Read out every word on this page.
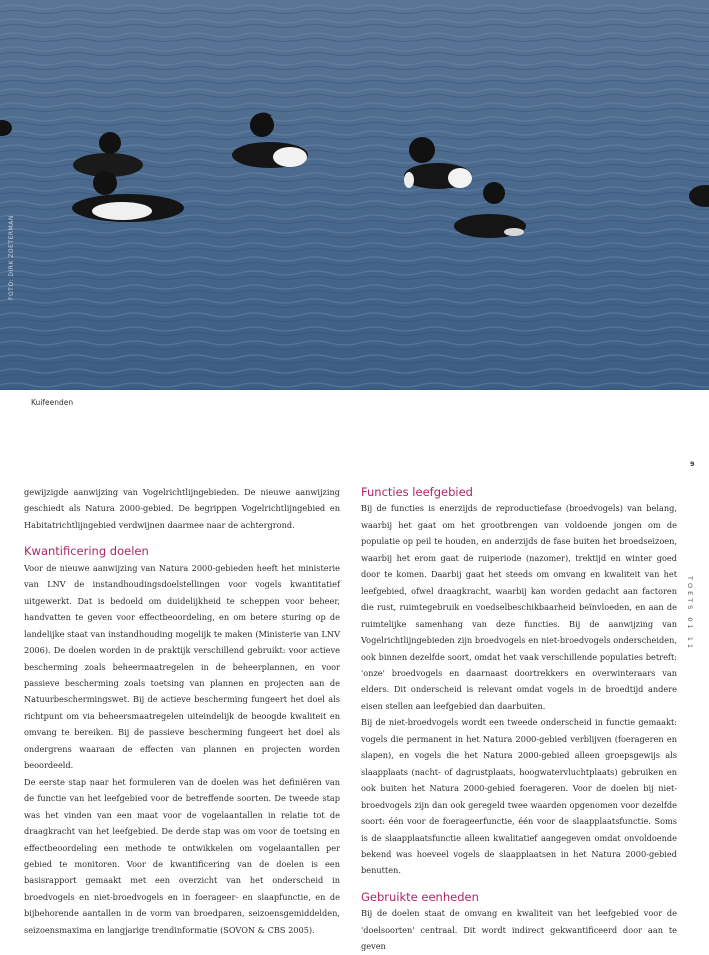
FOTO: DIRK ZOETERMAN
Kuifeenden
9
TOETS 01 11

gewijzigde aanwijzing van Vogelrichtlijngebieden. De nieuwe aanwijzing geschiedt als Natura 2000-gebied. De begrippen Vogelrichtlijngebied en Habitatrichtlijngebied verdwijnen daarmee naar de achtergrond.

Kwantificering doelen

Voor de nieuwe aanwijzing van Natura 2000-gebieden heeft het ministerie van LNV de instandhoudingsdoelstellingen voor vogels kwantitatief uitgewerkt. Dat is bedoeld om duidelijkheid te scheppen voor beheer, handvatten te geven voor effectbeoordeling, en om betere sturing op de landelijke staat van instandhouding mogelijk te maken (Ministerie van LNV 2006). De doelen worden in de praktijk verschillend gebruikt: voor actieve bescherming zoals beheermaatregelen in de beheerplannen, en voor passieve bescherming zoals toetsing van plannen en projecten aan de Natuurbeschermingswet. Bij de actieve bescherming fungeert het doel als richtpunt om via beheersmaatregelen uiteindelijk de beoogde kwaliteit en omvang te bereiken. Bij de passieve bescherming fungeert het doel als ondergrens waaraan de effecten van plannen en projecten worden beoordeeld.

De eerste stap naar het formuleren van de doelen was het definiëren van de functie van het leefgebied voor de betreffende soorten. De tweede stap was het vinden van een maat voor de vogelaantallen in relatie tot de draagkracht van het leefgebied. De derde stap was om voor de toetsing en effectbeoordeling een methode te ontwikkelen om vogelaantallen per gebied te monitoren. Voor de kwantificering van de doelen is een basisrapport gemaakt met een overzicht van het onderscheid in broedvogels en niet-broedvogels en in foerageer- en slaapfunctie, en de bijbehorende aantallen in de vorm van broedparen, seizoensgemiddelden, seizoensmaxima en langjarige trendinformatie (SOVON & CBS 2005).

Functies leefgebied

Bij de functies is enerzijds de reproductiefase (broedvogels) van belang, waarbij het gaat om het grootbrengen van voldoende jongen om de populatie op peil te houden, en anderzijds de fase buiten het broedseizoen, waarbij het erom gaat de ruiperiode (nazomer), trektijd en winter goed door te komen. Daarbij gaat het steeds om omvang en kwaliteit van het leefgebied, ofwel draagkracht, waarbij kan worden gedacht aan factoren die rust, ruimtegebruik en voedselbeschikbaarheid beïnvloeden, en aan de ruimtelijke samenhang van deze functies. Bij de aanwijzing van Vogelrichtlijngebieden zijn broedvogels en niet-broedvogels onderscheiden, ook binnen dezelfde soort, omdat het vaak verschillende populaties betreft: 'onze' broedvogels en daarnaast doortrekkers en overwinteraars van elders. Dit onderscheid is relevant omdat vogels in de broedtijd andere eisen stellen aan leefgebied dan daarbuiten.

Bij de niet-broedvogels wordt een tweede onderscheid in functie gemaakt: vogels die permanent in het Natura 2000-gebied verblijven (foerageren en slapen), en vogels die het Natura 2000-gebied alleen groepsgewijs als slaapplaats (nacht- of dagrustplaats, hoogwatervluchtplaats) gebruiken en ook buiten het Natura 2000-gebied foerageren. Voor de doelen bij niet-broedvogels zijn dan ook geregeld twee waarden opgenomen voor dezelfde soort: één voor de foerageerfunctie, één voor de slaapplaatsfunctie. Soms is de slaapplaatsfunctie alleen kwalitatief aangegeven omdat onvoldoende bekend was hoeveel vogels de slaapplaatsen in het Natura 2000-gebied benutten.

Gebruikte eenheden

Bij de doelen staat de omvang en kwaliteit van het leefgebied voor de 'doelsoorten' centraal. Dit wordt indirect gekwantificeerd door aan te geven
